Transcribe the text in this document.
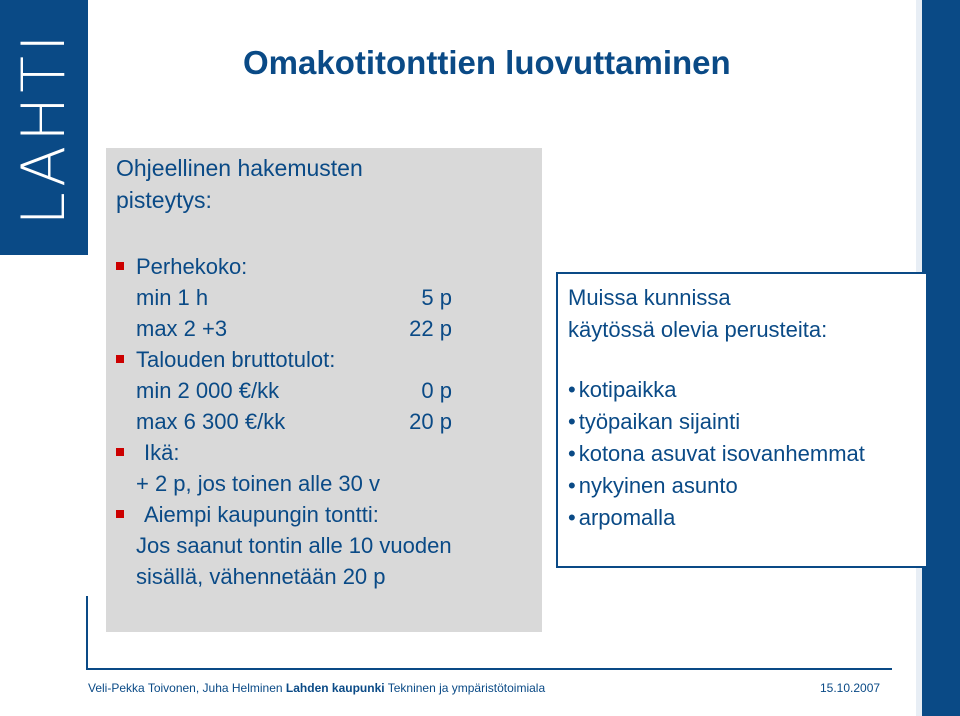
LAHTI	Omakotitonttien luovuttaminen
Ohjeellinen hakemusten
pisteytys:
Perhekoko:
min 1 h	5 p
max 2 +3	22 p
Talouden bruttotulot:
min 2 000 €/kk	0 p
max 6 300 €/kk	20 p
Ikä:
+ 2 p, jos toinen alle 30 v
Aiempi kaupungin tontti:
Jos saanut tontin alle 10 vuoden
sisällä, vähennetään 20 p
Muissa kunnissa
käytössä olevia perusteita:
• kotipaikka
• työpaikan sijainti
• kotona asuvat isovanhemmat
• nykyinen asunto
• arpomalla
Veli-Pekka Toivonen, Juha Helminen Lahden kaupunki Tekninen ja ympäristötoimiala	15.10.2007
